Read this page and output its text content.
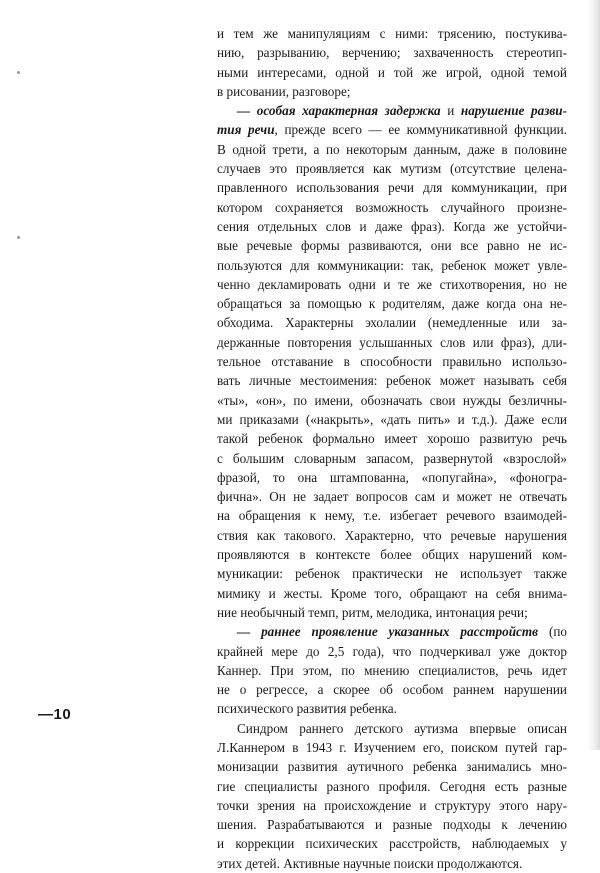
и тем же манипуляциям с ними: трясению, постукива-
нию, разрыванию, верчению; захваченность стереотип-
ными интересами, одной и той же игрой, одной темой
в рисовании, разговоре;
— особая характерная задержка и нарушение разви-
тия речи, прежде всего — ее коммуникативной функции.
В одной трети, а по некоторым данным, даже в половине
случаев это проявляется как мутизм (отсутствие целена-
правленного использования речи для коммуникации, при
котором сохраняется возможность случайного произне-
сения отдельных слов и даже фраз). Когда же устойчи-
вые речевые формы развиваются, они все равно не ис-
пользуются для коммуникации: так, ребенок может увле-
ченно декламировать одни и те же стихотворения, но не
обращаться за помощью к родителям, даже когда она не-
обходима. Характерны эхолалии (немедленные или за-
держанные повторения услышанных слов или фраз), дли-
тельное отставание в способности правильно использо-
вать личные местоимения: ребенок может называть себя
«ты», «он», по имени, обозначать свои нужды безличны-
ми приказами («накрыть», «дать пить» и т.д.). Даже если
такой ребенок формально имеет хорошо развитую речь
с большим словарным запасом, развернутой «взрослой»
фразой, то она штампованна, «попугайна», «фоногра-
фична». Он не задает вопросов сам и может не отвечать
на обращения к нему, т.е. избегает речевого взаимодей-
ствия как такового. Характерно, что речевые нарушения
проявляются в контексте более общих нарушений ком-
муникации: ребенок практически не использует также
мимику и жесты. Кроме того, обращают на себя внима-
ние необычный темп, ритм, мелодика, интонация речи;
— раннее проявление указанных расстройств (по
крайней мере до 2,5 года), что подчеркивал уже доктор
Каннер. При этом, по мнению специалистов, речь идет
не о регрессе, а скорее об особом раннем нарушении
психического развития ребенка.
Синдром раннего детского аутизма впервые описан
Л.Каннером в 1943 г. Изучением его, поиском путей гар-
монизации развития аутичного ребенка занимались мно-
гие специалисты разного профиля. Сегодня есть разные
точки зрения на происхождение и структуру этого нару-
шения. Разрабатываются и разные подходы к лечению
и коррекции психических расстройств, наблюдаемых у
этих детей. Активные научные поиски продолжаются.
—10
